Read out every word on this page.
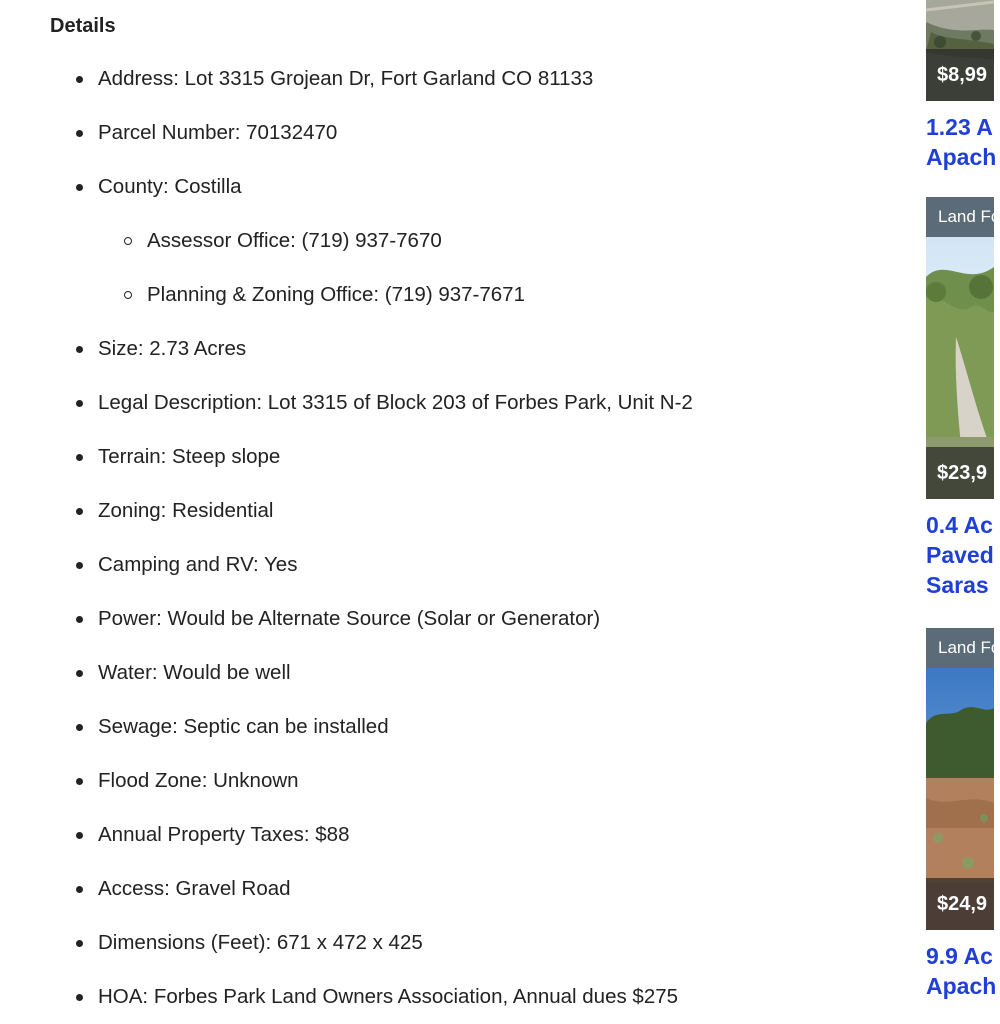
Details
Address: Lot 3315 Grojean Dr, Fort Garland CO 81133
Parcel Number: 70132470
County: Costilla
Assessor Office: (719) 937-7670
Planning & Zoning Office: (719) 937-7671
Size: 2.73 Acres
Legal Description: Lot 3315 of Block 203 of Forbes Park, Unit N-2
Terrain: Steep slope
Zoning: Residential
Camping and RV: Yes
Power: Would be Alternate Source (Solar or Generator)
Water: Would be well
Sewage: Septic can be installed
Flood Zone: Unknown
Annual Property Taxes: $88
Access: Gravel Road
Dimensions (Feet): 671 x 472 x 425
HOA: Forbes Park Land Owners Association, Annual dues $275
$8,99
1.23 A
Apach
Land Fo
$23,9
0.4 Ac
Paved
Saras
Land Fo
$24,9
9.9 Ac
Apach
